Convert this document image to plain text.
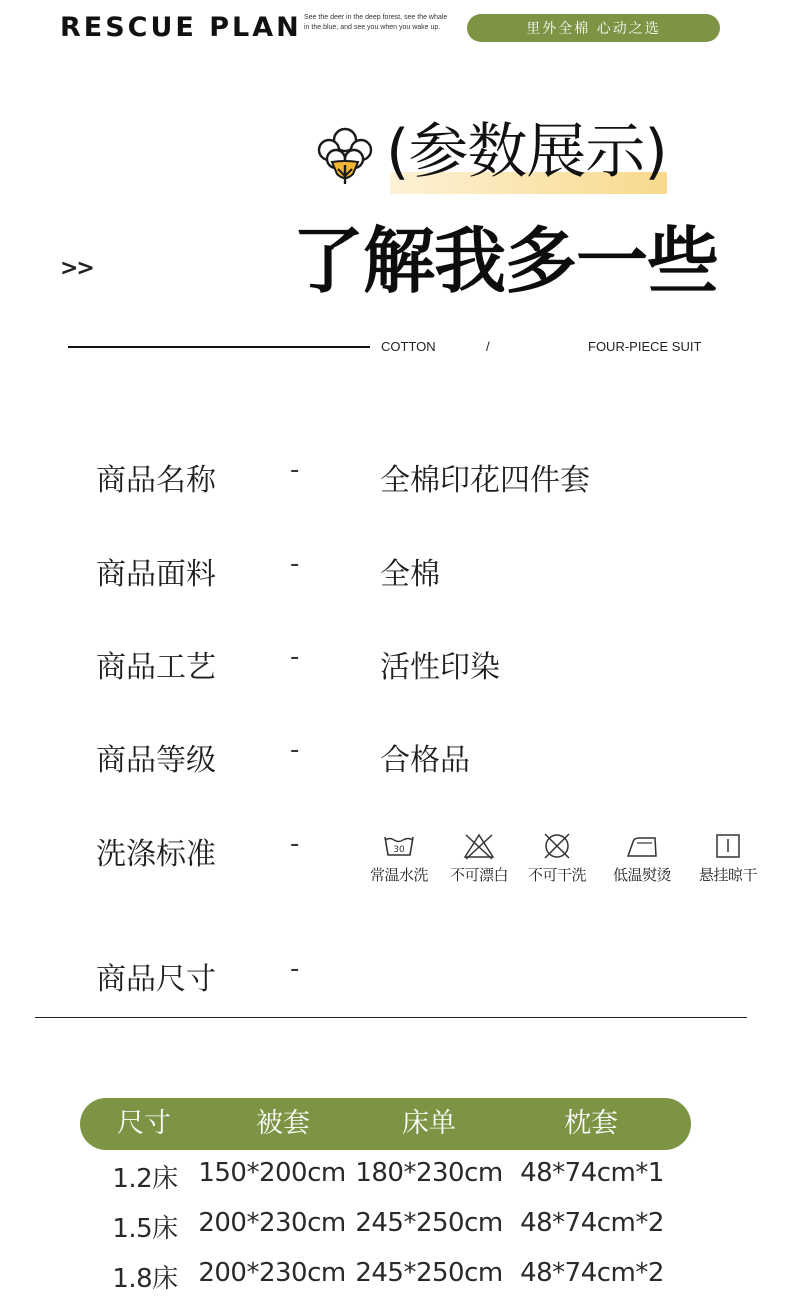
RESCUE PLAN See the deer in the deep forest, see the whale in the blue, and see you when you wake up.	里外全棉 心动之选
(参数展示)
>>	了解我多一些
COTTON	/	FOUR-PIECE SUIT
商品名称	-	全棉印花四件套
商品面料	-	全棉
商品工艺	-	活性印染
商品等级	-	合格品
洗涤标准	-	30
常温水洗	不可漂白	不可干洗	低温熨烫	悬挂晾干
商品尺寸	-
尺寸	被套	床单	枕套
1.2床 150*200cm 180*230cm 48*74cm*1
1.5床 200*230cm 245*250cm 48*74cm*2
1.8床 200*230cm 245*250cm 48*74cm*2
